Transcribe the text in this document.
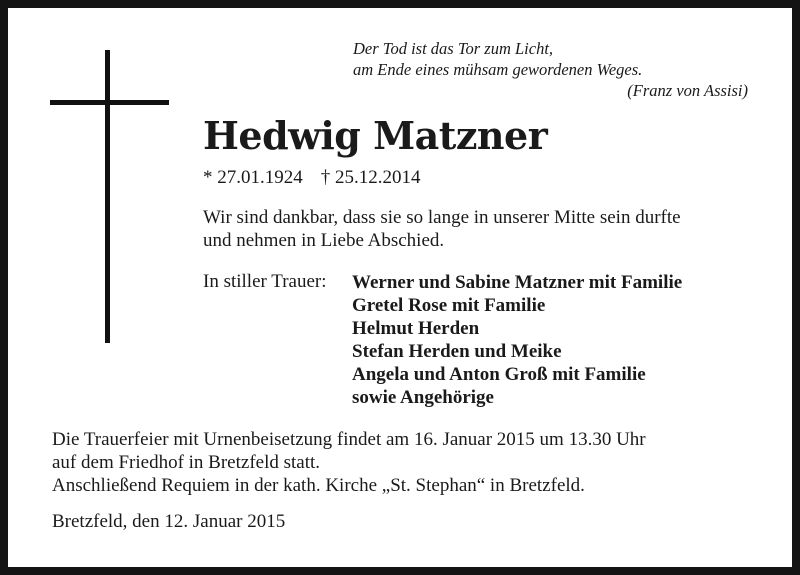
Der Tod ist das Tor zum Licht,
am Ende eines mühsam gewordenen Weges.
(Franz von Assisi)
Hedwig Matzner
* 27.01.1924 † 25.12.2014
Wir sind dankbar, dass sie so lange in unserer Mitte sein durfte
und nehmen in Liebe Abschied.
In stiller Trauer: Werner und Sabine Matzner mit Familie
Gretel Rose mit Familie
Helmut Herden
Stefan Herden und Meike
Angela und Anton Groß mit Familie
sowie Angehörige
Die Trauerfeier mit Urnenbeisetzung findet am 16. Januar 2015 um 13.30 Uhr
auf dem Friedhof in Bretzfeld statt.
Anschließend Requiem in der kath. Kirche „St. Stephan“ in Bretzfeld.
Bretzfeld, den 12. Januar 2015
